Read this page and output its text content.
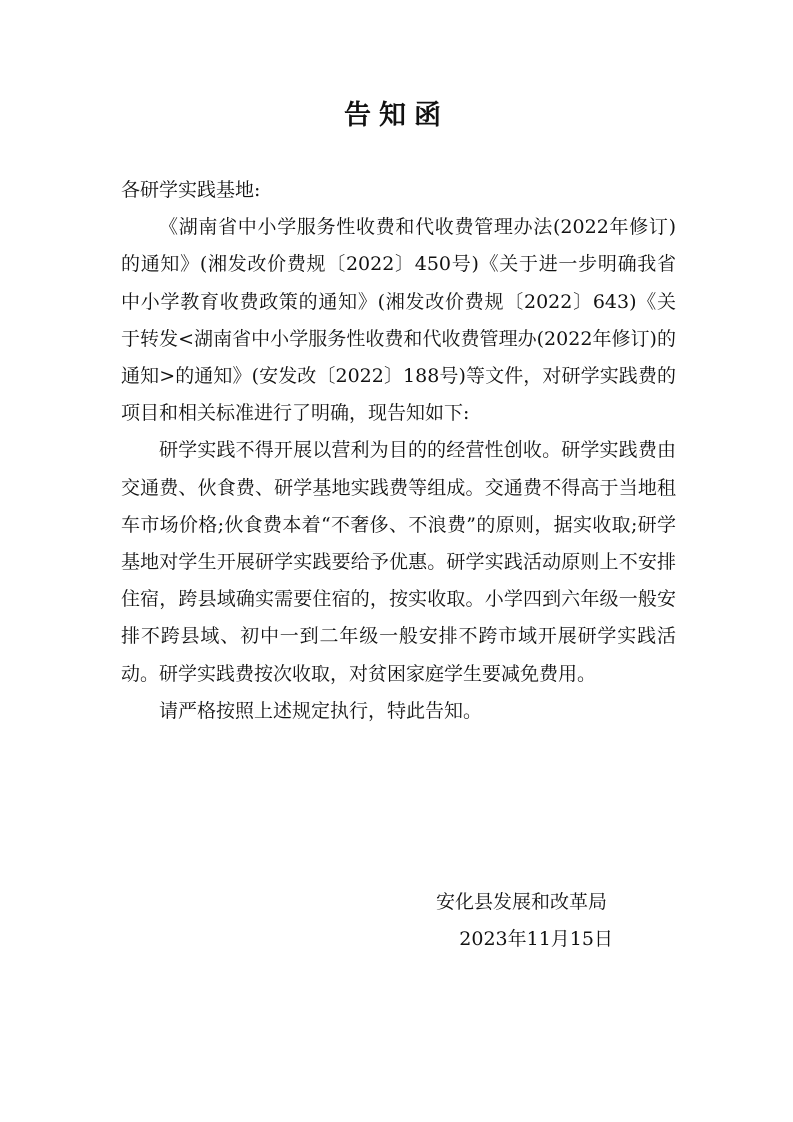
告知函

各研学实践基地:

《湖南省中小学服务性收费和代收费管理办法(2022年修订)的通知》(湘发改价费规〔2022〕450号)《关于进一步明确我省中小学教育收费政策的通知》(湘发改价费规〔2022〕643)《关于转发<湖南省中小学服务性收费和代收费管理办(2022年修订)的通知>的通知》(安发改〔2022〕188号)等文件，对研学实践费的项目和相关标准进行了明确，现告知如下:

研学实践不得开展以营利为目的的经营性创收。研学实践费由交通费、伙食费、研学基地实践费等组成。交通费不得高于当地租车市场价格;伙食费本着“不奢侈、不浪费”的原则，据实收取;研学基地对学生开展研学实践要给予优惠。研学实践活动原则上不安排住宿，跨县域确实需要住宿的，按实收取。小学四到六年级一般安排不跨县域、初中一到二年级一般安排不跨市域开展研学实践活动。研学实践费按次收取，对贫困家庭学生要减免费用。

请严格按照上述规定执行，特此告知。

安化县发展和改革局
2023年11月15日
